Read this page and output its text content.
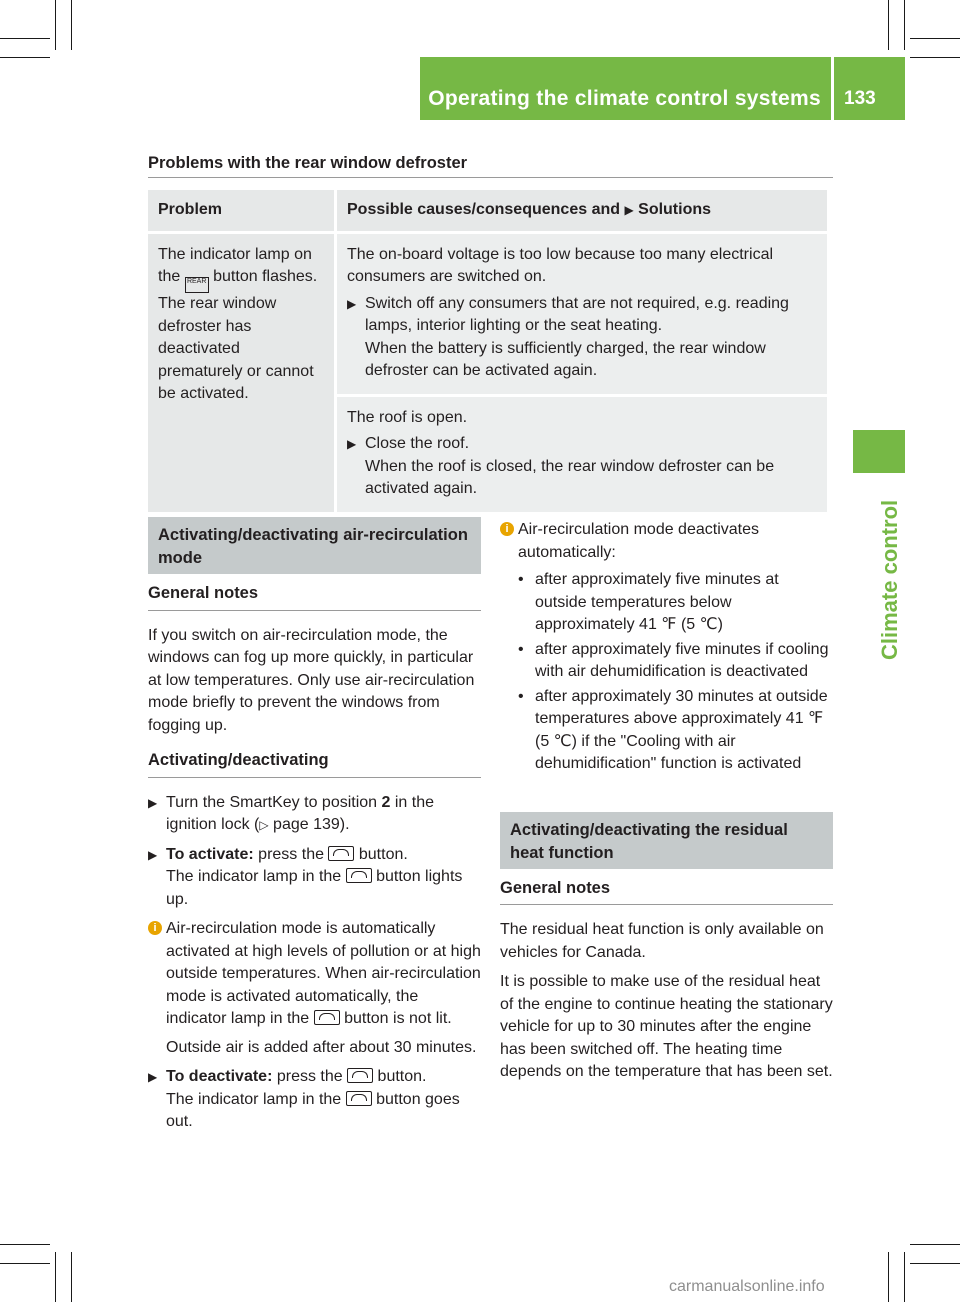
Operating the climate control systems 133
Climate control
Problems with the rear window defroster
Problem	Possible causes/consequences and ▶ Solutions
The indicator lamp on the REAR button flashes. The rear window defroster has deactivated prematurely or cannot be activated.	The on-board voltage is too low because too many electrical consumers are switched on.
▶ Switch off any consumers that are not required, e.g. reading lamps, interior lighting or the seat heating.
When the battery is sufficiently charged, the rear window defroster can be activated again.

	The roof is open.
▶ Close the roof.
When the roof is closed, the rear window defroster can be activated again.
Activating/deactivating air-recirculation mode
General notes

If you switch on air-recirculation mode, the windows can fog up more quickly, in particular at low temperatures. Only use air-recirculation mode briefly to prevent the windows from fogging up.

Activating/deactivating
▶ Turn the SmartKey to position 2 in the ignition lock (▷ page 139).
▶ To activate: press the  button.
The indicator lamp in the  button lights up.
i Air-recirculation mode is automatically activated at high levels of pollution or at high outside temperatures. When air-recirculation mode is activated automatically, the indicator lamp in the  button is not lit.
Outside air is added after about 30 minutes.
▶ To deactivate: press the  button.
The indicator lamp in the  button goes out.
i Air-recirculation mode deactivates automatically:
• after approximately five minutes at outside temperatures below approximately 41 ℉ (5 ℃)
• after approximately five minutes if cooling with air dehumidification is deactivated
• after approximately 30 minutes at outside temperatures above approximately 41 ℉ (5 ℃) if the "Cooling with air dehumidification" function is activated
Activating/deactivating the residual heat function
General notes

The residual heat function is only available on vehicles for Canada.

It is possible to make use of the residual heat of the engine to continue heating the stationary vehicle for up to 30 minutes after the engine has been switched off. The heating time depends on the temperature that has been set.

carmanualsonline.info
